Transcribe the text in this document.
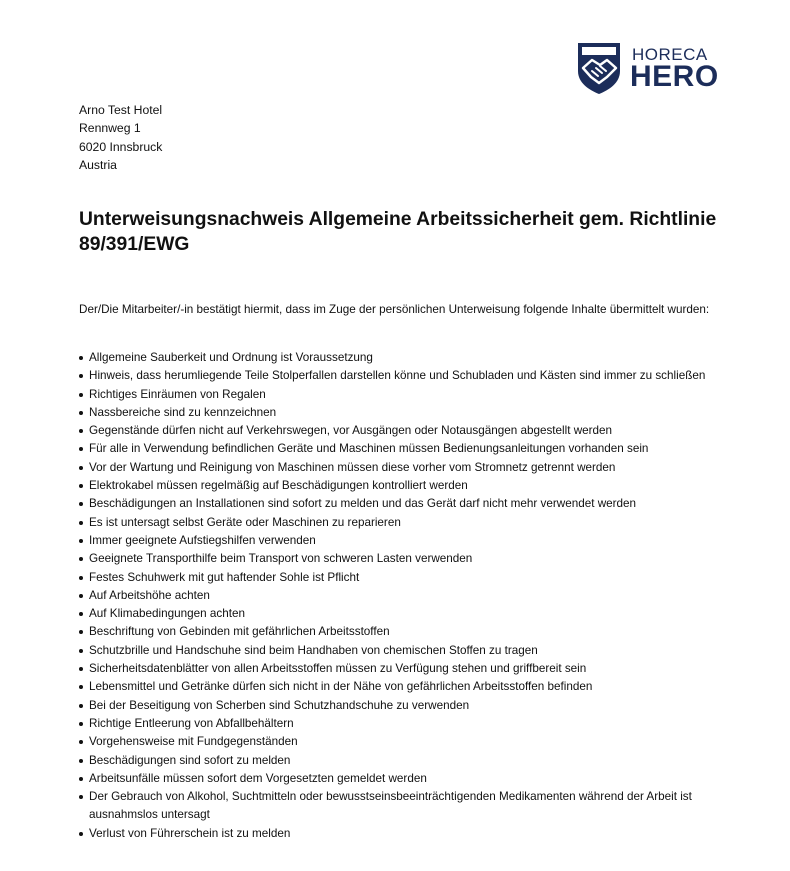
HORECA
HERO
Arno Test Hotel
Rennweg 1
6020 Innsbruck
Austria
Unterweisungsnachweis Allgemeine Arbeitssicherheit gem. Richtlinie 89/391/EWG

Der/Die Mitarbeiter/-in bestätigt hiermit, dass im Zuge der persönlichen Unterweisung folgende Inhalte übermittelt wurden:

Allgemeine Sauberkeit und Ordnung ist Voraussetzung
Hinweis, dass herumliegende Teile Stolperfallen darstellen könne und Schubladen und Kästen sind immer zu schließen
Richtiges Einräumen von Regalen
Nassbereiche sind zu kennzeichnen
Gegenstände dürfen nicht auf Verkehrswegen, vor Ausgängen oder Notausgängen abgestellt werden
Für alle in Verwendung befindlichen Geräte und Maschinen müssen Bedienungsanleitungen vorhanden sein
Vor der Wartung und Reinigung von Maschinen müssen diese vorher vom Stromnetz getrennt werden
Elektrokabel müssen regelmäßig auf Beschädigungen kontrolliert werden
Beschädigungen an Installationen sind sofort zu melden und das Gerät darf nicht mehr verwendet werden
Es ist untersagt selbst Geräte oder Maschinen zu reparieren
Immer geeignete Aufstiegshilfen verwenden
Geeignete Transporthilfe beim Transport von schweren Lasten verwenden
Festes Schuhwerk mit gut haftender Sohle ist Pflicht
Auf Arbeitshöhe achten
Auf Klimabedingungen achten
Beschriftung von Gebinden mit gefährlichen Arbeitsstoffen
Schutzbrille und Handschuhe sind beim Handhaben von chemischen Stoffen zu tragen
Sicherheitsdatenblätter von allen Arbeitsstoffen müssen zu Verfügung stehen und griffbereit sein
Lebensmittel und Getränke dürfen sich nicht in der Nähe von gefährlichen Arbeitsstoffen befinden
Bei der Beseitigung von Scherben sind Schutzhandschuhe zu verwenden
Richtige Entleerung von Abfallbehältern
Vorgehensweise mit Fundgegenständen
Beschädigungen sind sofort zu melden
Arbeitsunfälle müssen sofort dem Vorgesetzten gemeldet werden
Der Gebrauch von Alkohol, Suchtmitteln oder bewusstseinsbeeinträchtigenden Medikamenten während der Arbeit ist ausnahmslos untersagt
Verlust von Führerschein ist zu melden
